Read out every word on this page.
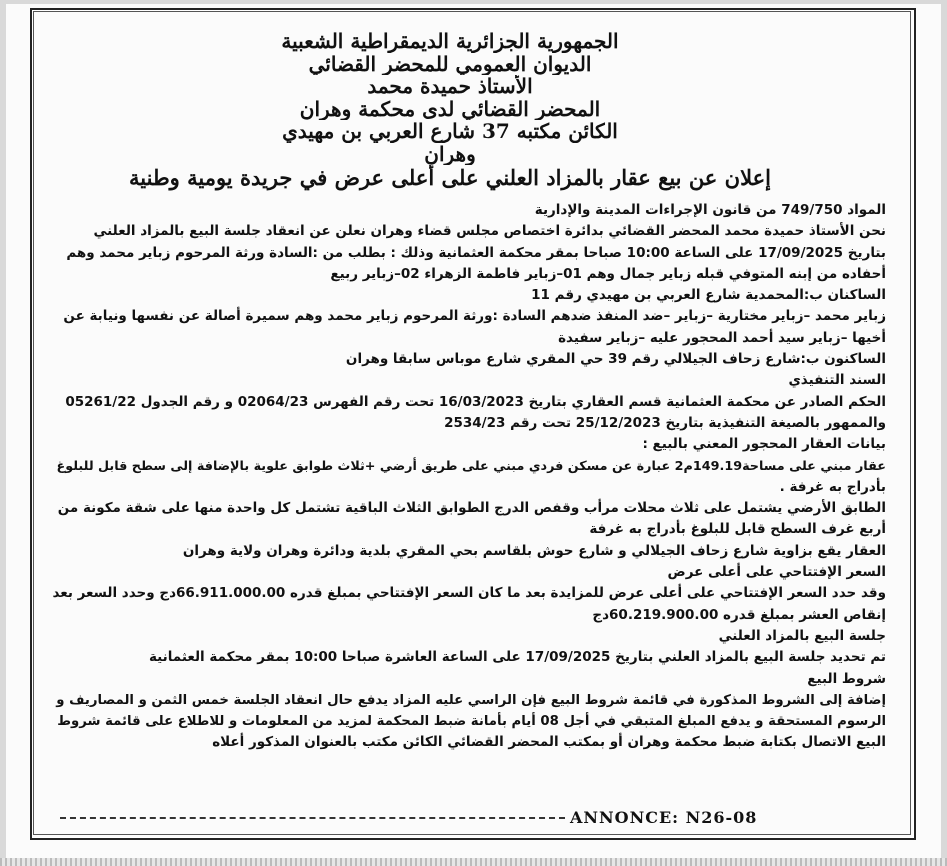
الجمهورية الجزائرية الديمقراطية الشعبية
الديوان العمومي للمحضر القضائي
الأستاذ حميدة محمد
المحضر القضائي لدى محكمة وهران
الكائن مكتبه 37 شارع العربي بن مهيدي
وهران
إعلان عن بيع عقار بالمزاد العلني على أعلى عرض في جريدة يومية وطنية
المواد 749/750 من قانون الإجراءات المدينة والإدارية
نحن الأستاذ حميدة محمد المحضر القضائي بدائرة اختصاص مجلس قضاء وهران نعلن عن انعقاد جلسة البيع بالمزاد العلني
بتاريخ 17/09/2025 على الساعة 10:00 صباحا بمقر محكمة العثمانية وذلك : بطلب من :السادة ورثة المرحوم زباير محمد وهم
أحفاده من إبنه المتوفي قبله زباير جمال وهم 01–زباير فاطمة الزهراء 02–زباير ربيع
الساكنان ب:المحمدية شارع العربي بن مهيدي رقم 11
زباير محمد –زباير مختارية –زباير –ضد المنفذ ضدهم السادة :ورثة المرحوم زباير محمد وهم سميرة أصالة عن نفسها ونيابة عن
أخيها –زباير سيد أحمد المحجور عليه –زباير سفيدة
الساكنون ب:شارع زحاف الجيلالي رقم 39 حي المقري شارع موباس سابقا وهران
السند التنفيذي
الحكم الصادر عن محكمة العثمانية قسم العقاري بتاريخ 16/03/2023 تحت رقم الفهرس 02064/23 و رقم الجدول 05261/22
والممهور بالصيغة التنفيذية بتاريخ 25/12/2023 تحت رقم 2534/23
بيانات العقار المحجور المعني بالبيع :
عقار مبني على مساحة149.19م2 عبارة عن مسكن فردي مبني على طريق أرضي +ثلاث طوابق علوية بالإضافة إلى سطح قابل للبلوغ
بأدراج به غرفة .
الطابق الأرضي يشتمل على ثلاث محلات مرأب وقفص الدرج الطوابق الثلاث الباقية تشتمل كل واحدة منها على شقة مكونة من
أربع غرف السطح قابل للبلوغ بأدراج به غرفة
العقار يقع بزاوية شارع زحاف الجيلالي و شارع حوش بلقاسم بحي المقري بلدية ودائرة وهران ولاية وهران
السعر الإفتتاحي على أعلى عرض
وقد حدد السعر الإفتتاحي على أعلى عرض للمزايدة بعد ما كان السعر الإفتتاحي بمبلغ قدره 66.911.000.00دج وحدد السعر بعد
إنقاص العشر بمبلغ قدره 60.219.900.00دج
جلسة البيع بالمزاد العلني
تم تحديد جلسة البيع بالمزاد العلني بتاريخ 17/09/2025 على الساعة العاشرة صباحا 10:00 بمقر محكمة العثمانية
شروط البيع
إضافة إلى الشروط المذكورة في قائمة شروط البيع فإن الراسي عليه المزاد يدفع حال انعقاد الجلسة خمس الثمن و المصاريف و
الرسوم المستحقة و يدفع المبلغ المتبقي في أجل 08 أيام بأمانة ضبط المحكمة لمزيد من المعلومات و للاطلاع على قائمة شروط
البيع الاتصال بكتابة ضبط محكمة وهران أو بمكتب المحضر القضائي الكائن مكتب بالعنوان المذكور أعلاه
ANNONCE: N26-08
